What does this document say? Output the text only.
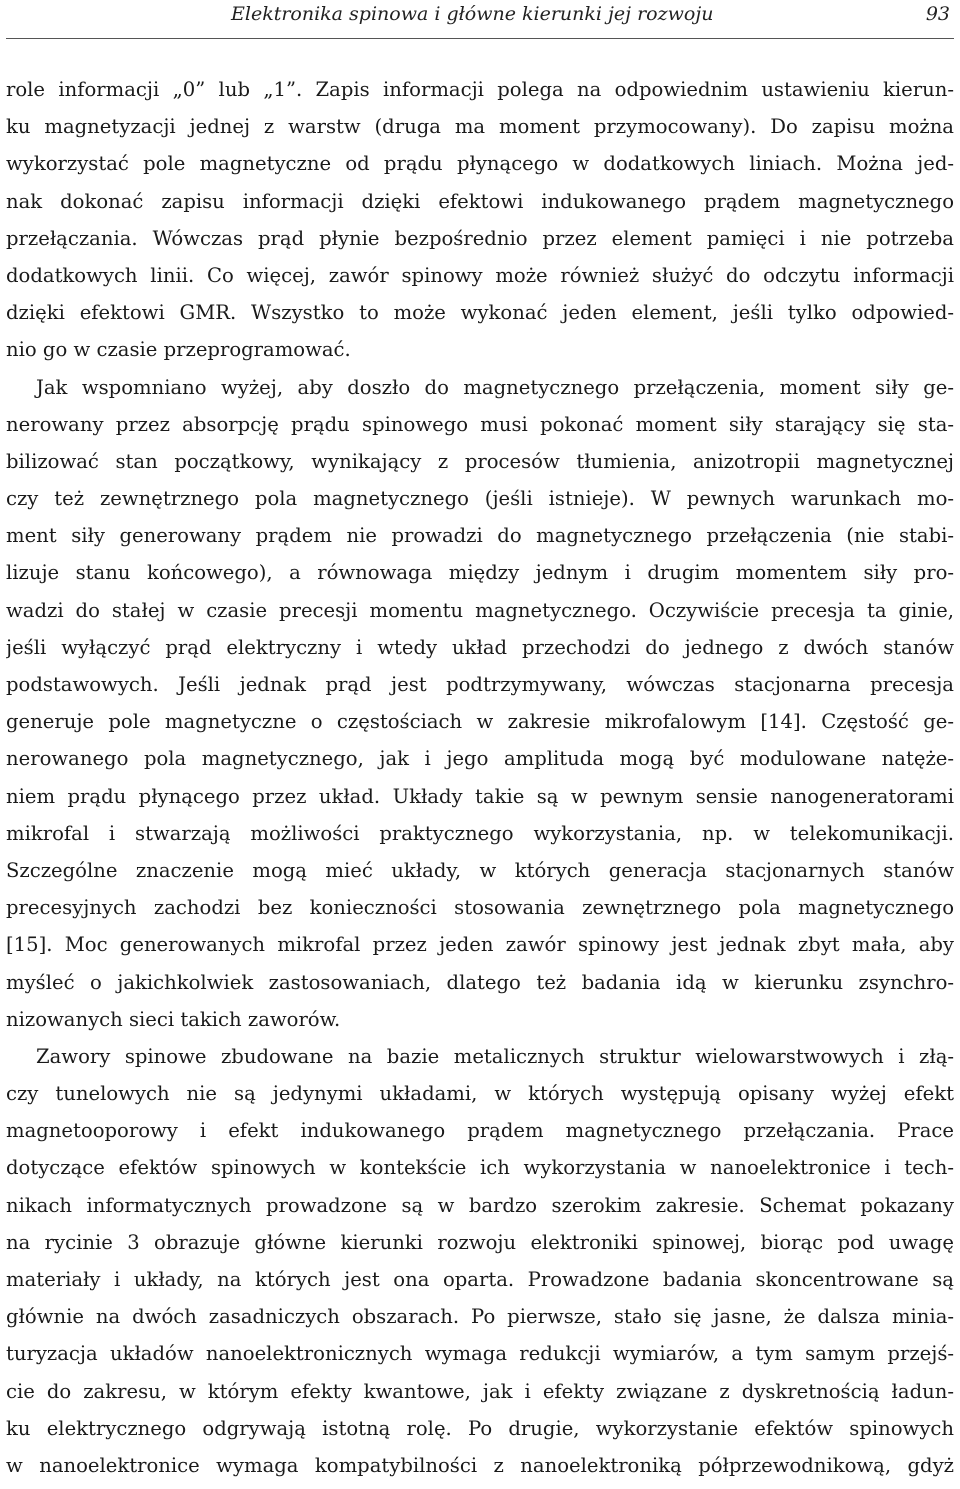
Elektronika spinowa i główne kierunki jej rozwoju	93
role informacji „0” lub „1”. Zapis informacji polega na odpowiednim ustawieniu kierun-
ku magnetyzacji jednej z warstw (druga ma moment przymocowany). Do zapisu można
wykorzystać pole magnetyczne od prądu płynącego w dodatkowych liniach. Można jed-
nak dokonać zapisu informacji dzięki efektowi indukowanego prądem magnetycznego
przełączania. Wówczas prąd płynie bezpośrednio przez element pamięci i nie potrzeba
dodatkowych linii. Co więcej, zawór spinowy może również służyć do odczytu informacji
dzięki efektowi GMR. Wszystko to może wykonać jeden element, jeśli tylko odpowied-
nio go w czasie przeprogramować.
Jak wspomniano wyżej, aby doszło do magnetycznego przełączenia, moment siły ge-
nerowany przez absorpcję prądu spinowego musi pokonać moment siły starający się sta-
bilizować stan początkowy, wynikający z procesów tłumienia, anizotropii magnetycznej
czy też zewnętrznego pola magnetycznego (jeśli istnieje). W pewnych warunkach mo-
ment siły generowany prądem nie prowadzi do magnetycznego przełączenia (nie stabi-
lizuje stanu końcowego), a równowaga między jednym i drugim momentem siły pro-
wadzi do stałej w czasie precesji momentu magnetycznego. Oczywiście precesja ta ginie,
jeśli wyłączyć prąd elektryczny i wtedy układ przechodzi do jednego z dwóch stanów
podstawowych. Jeśli jednak prąd jest podtrzymywany, wówczas stacjonarna precesja
generuje pole magnetyczne o częstościach w zakresie mikrofalowym [14]. Częstość ge-
nerowanego pola magnetycznego, jak i jego amplituda mogą być modulowane natęże-
niem prądu płynącego przez układ. Układy takie są w pewnym sensie nanogeneratorami
mikrofal i stwarzają możliwości praktycznego wykorzystania, np. w telekomunikacji.
Szczególne znaczenie mogą mieć układy, w których generacja stacjonarnych stanów
precesyjnych zachodzi bez konieczności stosowania zewnętrznego pola magnetycznego
[15]. Moc generowanych mikrofal przez jeden zawór spinowy jest jednak zbyt mała, aby
myśleć o jakichkolwiek zastosowaniach, dlatego też badania idą w kierunku zsynchro-
nizowanych sieci takich zaworów.
Zawory spinowe zbudowane na bazie metalicznych struktur wielowarstwowych i złą-
czy tunelowych nie są jedynymi układami, w których występują opisany wyżej efekt
magnetooporowy i efekt indukowanego prądem magnetycznego przełączania. Prace
dotyczące efektów spinowych w kontekście ich wykorzystania w nanoelektronice i tech-
nikach informatycznych prowadzone są w bardzo szerokim zakresie. Schemat pokazany
na rycinie 3 obrazuje główne kierunki rozwoju elektroniki spinowej, biorąc pod uwagę
materiały i układy, na których jest ona oparta. Prowadzone badania skoncentrowane są
głównie na dwóch zasadniczych obszarach. Po pierwsze, stało się jasne, że dalsza minia-
turyzacja układów nanoelektronicznych wymaga redukcji wymiarów, a tym samym przejś-
cie do zakresu, w którym efekty kwantowe, jak i efekty związane z dyskretnością ładun-
ku elektrycznego odgrywają istotną rolę. Po drugie, wykorzystanie efektów spinowych
w nanoelektronice wymaga kompatybilności z nanoelektroniką półprzewodnikową, gdyż
